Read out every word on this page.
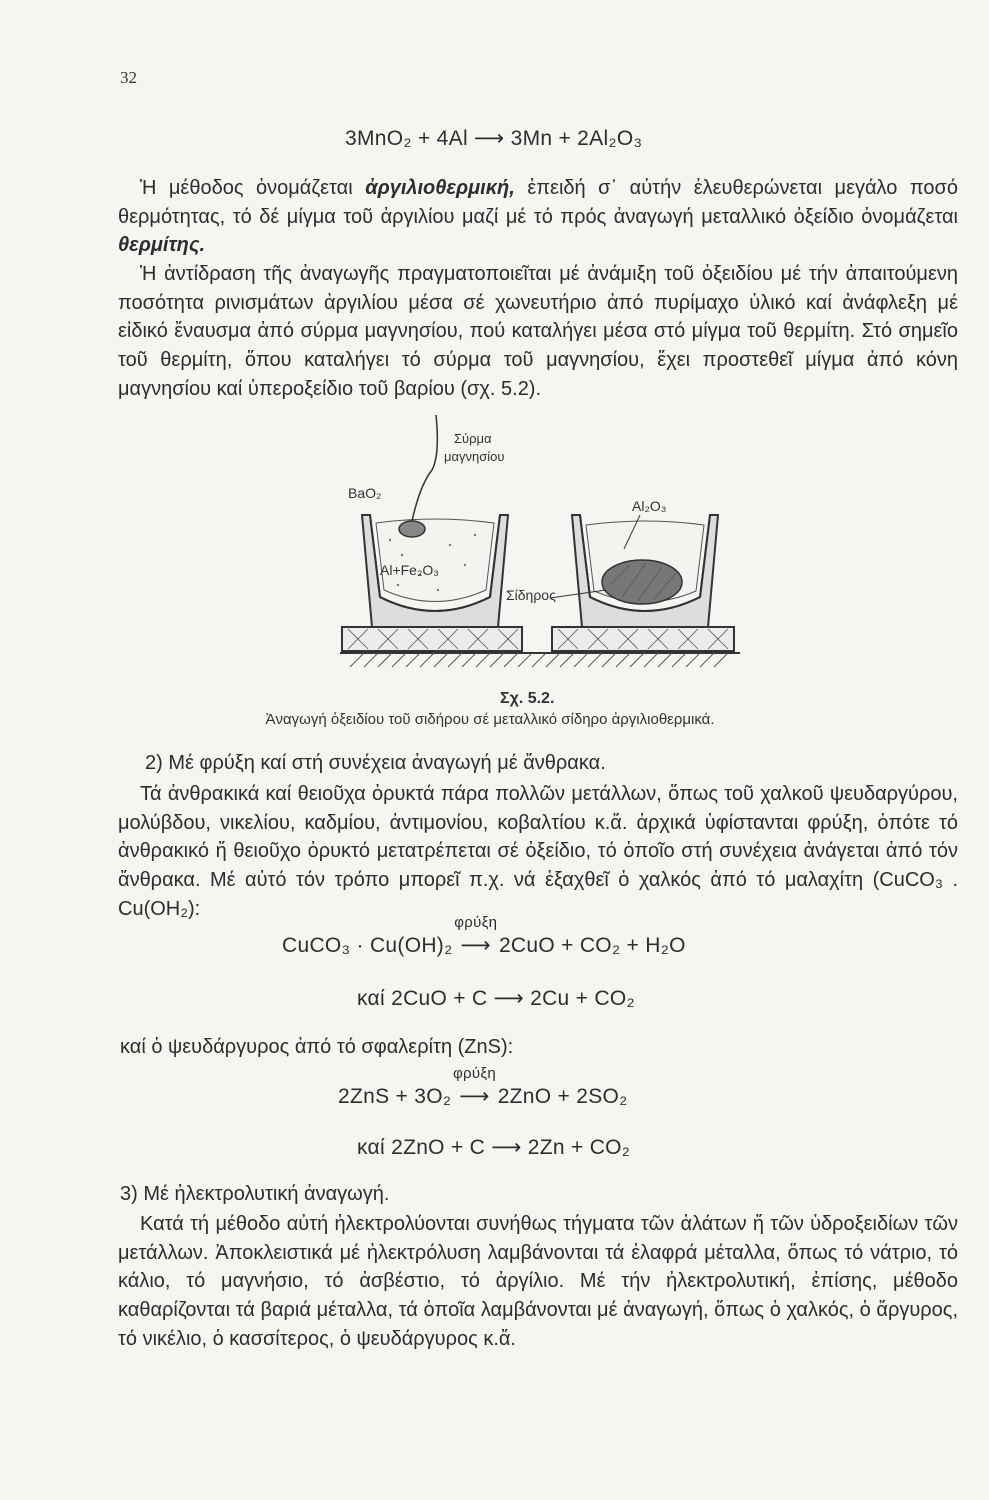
32
3MnO₂ + 4Al ⟶ 3Mn + 2Al₂O₃

Ἡ μέθοδος ὀνομάζεται ἀργιλιοθερμική, ἐπειδή σ᾽ αὐτήν ἐλευθερώνεται μεγάλο ποσό θερμότητας, τό δέ μίγμα τοῦ ἀργιλίου μαζί μέ τό πρός ἀναγωγή μεταλλικό ὀξείδιο ὀνομάζεται θερμίτης.

Ἡ ἀντίδραση τῆς ἀναγωγῆς πραγματοποιεῖται μέ ἀνάμιξη τοῦ ὀξειδίου μέ τήν ἀπαιτούμενη ποσότητα ρινισμάτων ἀργιλίου μέσα σέ χωνευτήριο ἀπό πυρίμαχο ὑλικό καί ἀνάφλεξη μέ εἰδικό ἔναυσμα ἀπό σύρμα μαγνησίου, πού καταλήγει μέσα στό μίγμα τοῦ θερμίτη. Στό σημεῖο τοῦ θερμίτη, ὅπου καταλήγει τό σύρμα τοῦ μαγνησίου, ἔχει προστεθεῖ μίγμα ἀπό κόνη μαγνησίου καί ὑπεροξείδιο τοῦ βαρίου (σχ. 5.2).

Σύρμα
μαγνησίου
BaO₂
Al+Fe₂O₃
Al₂O₃
Σίδηρος
Σχ. 5.2.
Ἀναγωγή ὀξειδίου τοῦ σιδήρου σέ μεταλλικό σίδηρο ἀργιλιοθερμικά.
2) Μέ φρύξη καί στή συνέχεια ἀναγωγή μέ ἄνθρακα.

Τά ἀνθρακικά καί θειοῦχα ὀρυκτά πάρα πολλῶν μετάλλων, ὅπως τοῦ χαλκοῦ ψευδαργύρου, μολύβδου, νικελίου, καδμίου, ἀντιμονίου, κοβαλτίου κ.ἄ. ἀρχικά ὑφίστανται φρύξη, ὁπότε τό ἀνθρακικό ἤ θειοῦχο ὀρυκτό μετατρέπεται σέ ὀξείδιο, τό ὁποῖο στή συνέχεια ἀνάγεται ἀπό τόν ἄνθρακα. Μέ αὐτό τόν τρόπο μπορεῖ π.χ. νά ἐξαχθεῖ ὁ χαλκός ἀπό τό μαλαχίτη (CuCO₃ . Cu(OH₂):

CuCO₃ · Cu(OH)₂
φρύξη
⟶ 2CuO + CO₂ + H₂O
καί 2CuO + C ⟶ 2Cu + CO₂
καί ὁ ψευδάργυρος ἀπό τό σφαλερίτη (ZnS):
2ZnS + 3O₂
φρύξη
⟶ 2ZnO + 2SO₂
καί 2ZnO + C ⟶ 2Zn + CO₂
3) Μέ ἠλεκτρολυτική ἀναγωγή.

Κατά τή μέθοδο αὐτή ἠλεκτρολύονται συνήθως τήγματα τῶν ἀλάτων ἤ τῶν ὑδροξειδίων τῶν μετάλλων. Ἀποκλειστικά μέ ἠλεκτρόλυση λαμβάνονται τά ἐλαφρά μέταλλα, ὅπως τό νάτριο, τό κάλιο, τό μαγνήσιο, τό ἀσβέστιο, τό ἀργίλιο. Μέ τήν ἠλεκτρολυτική, ἐπίσης, μέθοδο καθαρίζονται τά βαριά μέταλλα, τά ὁποῖα λαμβάνονται μέ ἀναγωγή, ὅπως ὁ χαλκός, ὁ ἄργυρος, τό νικέλιο, ὁ κασσίτερος, ὁ ψευδάργυρος κ.ἄ.
